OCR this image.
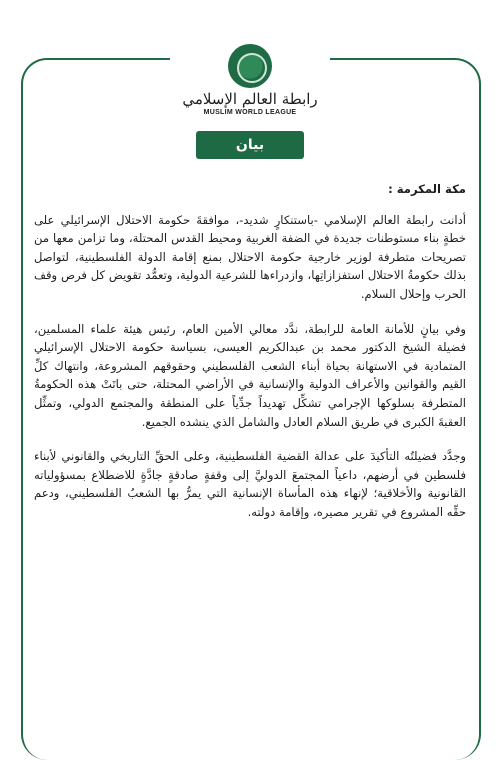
رابطة العالم الإسلامي
MUSLIM WORLD LEAGUE
بيان

مكة المكرمة :

أدانت رابطة العالم الإسلامي -باستنكارٍ شديد-، موافقةَ حكومة الاحتلال الإسرائيلي على خطةٍ بناء مستوطنات جديدة في الضفة الغربية ومحيط القدس المحتلة، وما تزامن معها من تصريحات متطرفة لوزير خارجية حكومة الاحتلال بمنع إقامة الدولة الفلسطينية، لتواصل بذلك حكومةُ الاحتلال استفزازاتِها، وازدراءها للشرعية الدولية، وتعمُّد تقويض كل فرص وقف الحرب وإحلال السلام.

وفي بيانٍ للأمانة العامة للرابطة، ندَّد معالي الأمين العام، رئيس هيئة علماء المسلمين، فضيلة الشيخ الدكتور محمد بن عبدالكريم العيسى، بسياسة حكومة الاحتلال الإسرائيلي المتمادية في الاستهانة بحياة أبناء الشعب الفلسطيني وحقوقهم المشروعة، وانتهاك كلِّ القيم والقوانين والأعراف الدولية والإنسانية في الأراضي المحتلة، حتى باتَتْ هذه الحكومةُ المتطرفة بسلوكها الإجرامي تشكِّل تهديداً جدِّياً على المنطقة والمجتمع الدولي، وتمثِّل العقبةَ الكبرى في طريق السلام العادل والشامل الذي ينشده الجميع.

وجدَّد فضيلتُه التأكيدَ على عدالة القضية الفلسطينية، وعلى الحقِّ التاريخي والقانوني لأبناء فلسطين في أرضهم، داعياً المجتمعَ الدوليَّ إلى وقفةٍ صادقةٍ جادَّةٍ للاضطلاع بمسؤولياته القانونية والأخلاقية؛ لإنهاء هذه المأساة الإنسانية التي يمرُّ بها الشعبُ الفلسطيني، ودعم حقِّه المشروع في تقرير مصيره، وإقامة دولته.
